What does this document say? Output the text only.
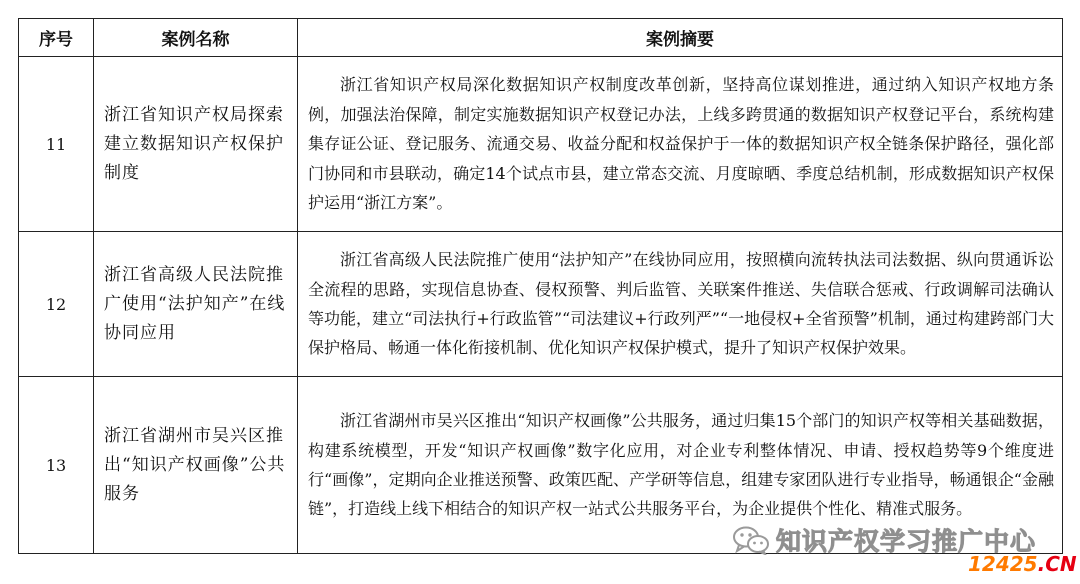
序号	案例名称	案例摘要
11	浙江省知识产权局探索建立数据知识产权保护制度	浙江省知识产权局深化数据知识产权制度改革创新，坚持高位谋划推进，通过纳入知识产权地方条例，加强法治保障，制定实施数据知识产权登记办法，上线多跨贯通的数据知识产权登记平台，系统构建集存证公证、登记服务、流通交易、收益分配和权益保护于一体的数据知识产权全链条保护路径，强化部门协同和市县联动，确定14个试点市县，建立常态交流、月度晾晒、季度总结机制，形成数据知识产权保护运用“浙江方案”。
12	浙江省高级人民法院推广使用“法护知产”在线协同应用	浙江省高级人民法院推广使用“法护知产”在线协同应用，按照横向流转执法司法数据、纵向贯通诉讼全流程的思路，实现信息协查、侵权预警、判后监管、关联案件推送、失信联合惩戒、行政调解司法确认等功能，建立“司法执行+行政监管”“司法建议+行政列严”“一地侵权+全省预警”机制，通过构建跨部门大保护格局、畅通一体化衔接机制、优化知识产权保护模式，提升了知识产权保护效果。
13	浙江省湖州市吴兴区推出“知识产权画像”公共服务	浙江省湖州市吴兴区推出“知识产权画像”公共服务，通过归集15个部门的知识产权等相关基础数据，构建系统模型，开发“知识产权画像”数字化应用，对企业专利整体情况、申请、授权趋势等9个维度进行“画像”，定期向企业推送预警、政策匹配、产学研等信息，组建专家团队进行专业指导，畅通银企“金融链”，打造线上线下相结合的知识产权一站式公共服务平台，为企业提供个性化、精准式服务。
知识产权学习推广中心
12425.CN
